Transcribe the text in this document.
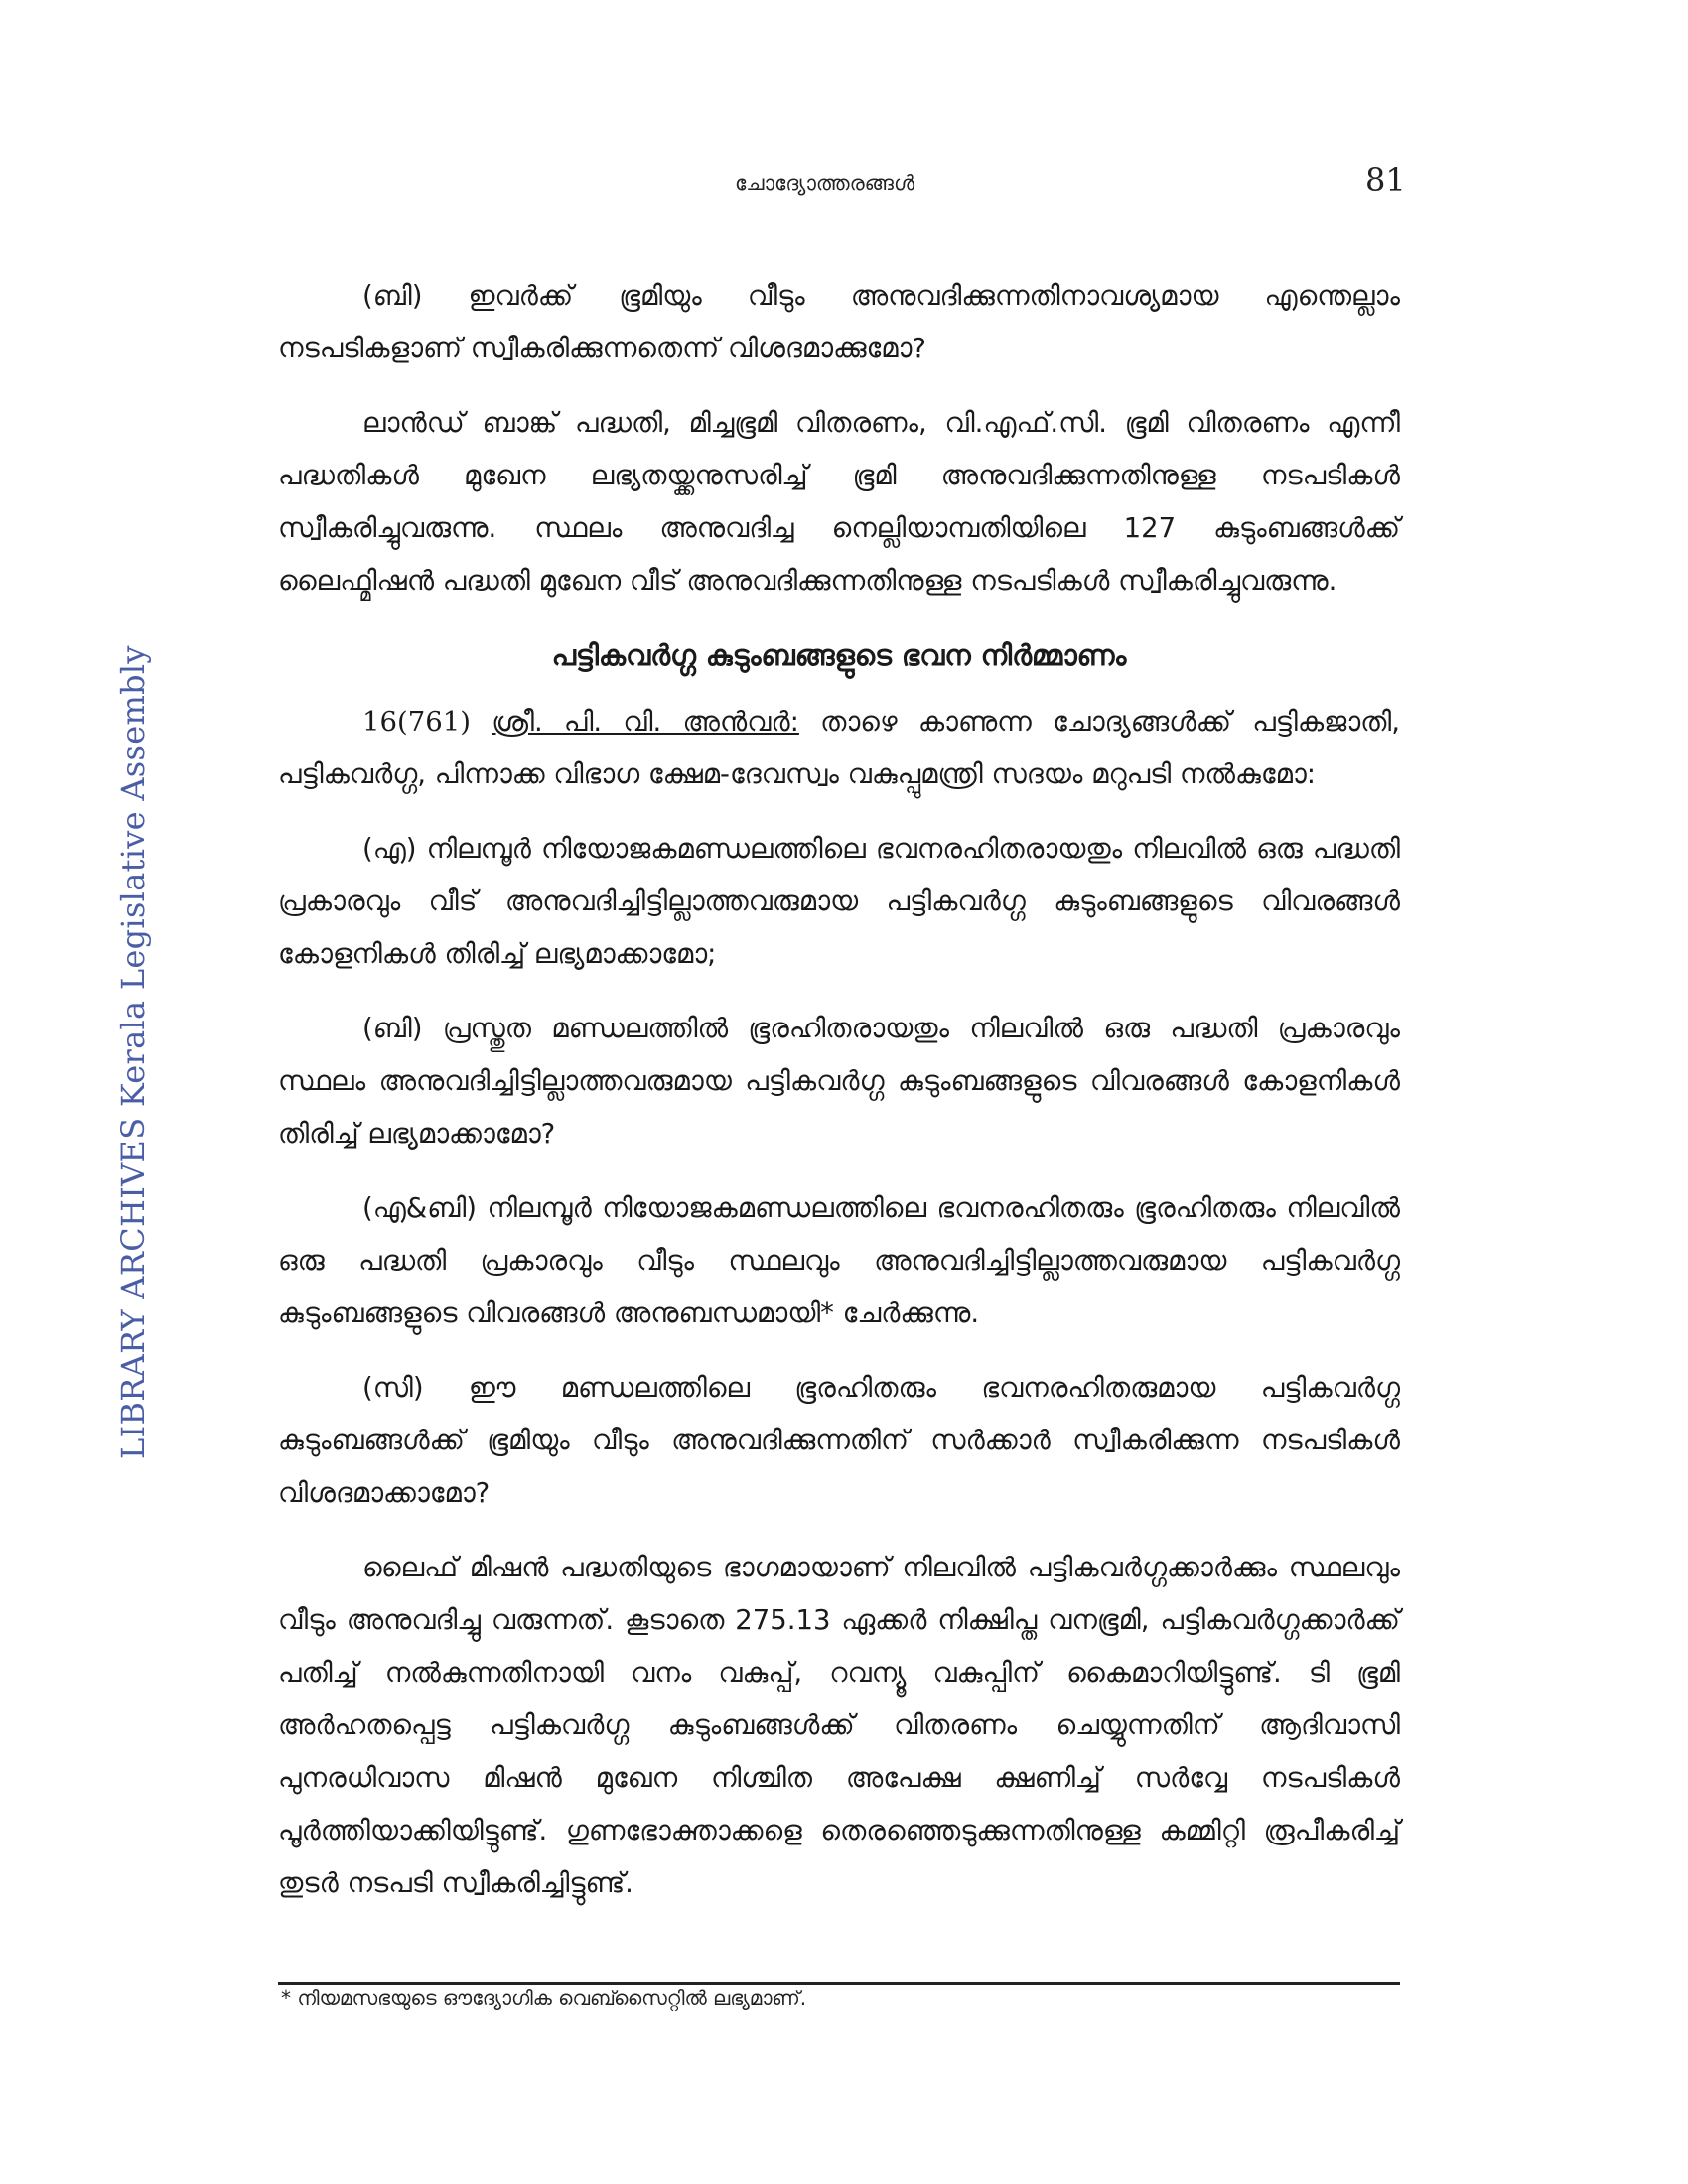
LIBRARY ARCHIVES Kerala Legislative Assembly
ചോദ്യോത്തരങ്ങൾ	81

(ബി) ഇവർക്ക് ഭൂമിയും വീടും അനുവദിക്കുന്നതിനാവശ്യമായ എന്തെല്ലാം നടപടികളാണ് സ്വീകരിക്കുന്നതെന്ന് വിശദമാക്കുമോ?

ലാൻഡ് ബാങ്ക് പദ്ധതി, മിച്ചഭൂമി വിതരണം, വി.എഫ്.സി. ഭൂമി വിതരണം എന്നീ പദ്ധതികൾ മുഖേന ലഭ്യതയ്ക്കനുസരിച്ച് ഭൂമി അനുവദിക്കുന്നതിനുള്ള നടപടികൾ സ്വീകരിച്ചുവരുന്നു. സ്ഥലം അനുവദിച്ച നെല്ലിയാമ്പതിയിലെ 127 കുടുംബങ്ങൾക്ക് ലൈഫ്മിഷൻ പദ്ധതി മുഖേന വീട് അനുവദിക്കുന്നതിനുള്ള നടപടികൾ സ്വീകരിച്ചുവരുന്നു.

പട്ടികവർഗ്ഗ കുടുംബങ്ങളുടെ ഭവന നിർമ്മാണം

16(761) ശ്രീ. പി. വി. അൻവർ: താഴെ കാണുന്ന ചോദ്യങ്ങൾക്ക് പട്ടികജാതി, പട്ടികവർഗ്ഗ, പിന്നാക്ക വിഭാഗ ക്ഷേമ-ദേവസ്വം വകുപ്പുമന്ത്രി സദയം മറുപടി നൽകുമോ:

(എ) നിലമ്പൂർ നിയോജകമണ്ഡലത്തിലെ ഭവനരഹിതരായതും നിലവിൽ ഒരു പദ്ധതി പ്രകാരവും വീട് അനുവദിച്ചിട്ടില്ലാത്തവരുമായ പട്ടികവർഗ്ഗ കുടുംബങ്ങളുടെ വിവരങ്ങൾ കോളനികൾ തിരിച്ച് ലഭ്യമാക്കാമോ;

(ബി) പ്രസ്തുത മണ്ഡലത്തിൽ ഭൂരഹിതരായതും നിലവിൽ ഒരു പദ്ധതി പ്രകാരവും സ്ഥലം അനുവദിച്ചിട്ടില്ലാത്തവരുമായ പട്ടികവർഗ്ഗ കുടുംബങ്ങളുടെ വിവരങ്ങൾ കോളനികൾ തിരിച്ച് ലഭ്യമാക്കാമോ?

(എ&ബി) നിലമ്പൂർ നിയോജകമണ്ഡലത്തിലെ ഭവനരഹിതരും ഭൂരഹിതരും നിലവിൽ ഒരു പദ്ധതി പ്രകാരവും വീടും സ്ഥലവും അനുവദിച്ചിട്ടില്ലാത്തവരുമായ പട്ടികവർഗ്ഗ കുടുംബങ്ങളുടെ വിവരങ്ങൾ അനുബന്ധമായി* ചേർക്കുന്നു.

(സി) ഈ മണ്ഡലത്തിലെ ഭൂരഹിതരും ഭവനരഹിതരുമായ പട്ടികവർഗ്ഗ കുടുംബങ്ങൾക്ക് ഭൂമിയും വീടും അനുവദിക്കുന്നതിന് സർക്കാർ സ്വീകരിക്കുന്ന നടപടികൾ വിശദമാക്കാമോ?

ലൈഫ് മിഷൻ പദ്ധതിയുടെ ഭാഗമായാണ് നിലവിൽ പട്ടികവർഗ്ഗക്കാർക്കും സ്ഥലവും വീടും അനുവദിച്ചു വരുന്നത്. കൂടാതെ 275.13 ഏക്കർ നിക്ഷിപ്ത വനഭൂമി, പട്ടികവർഗ്ഗക്കാർക്ക് പതിച്ച് നൽകുന്നതിനായി വനം വകുപ്പ്, റവന്യൂ വകുപ്പിന് കൈമാറിയിട്ടുണ്ട്. ടി ഭൂമി അർഹതപ്പെട്ട പട്ടികവർഗ്ഗ കുടുംബങ്ങൾക്ക് വിതരണം ചെയ്യുന്നതിന് ആദിവാസി പുനരധിവാസ മിഷൻ മുഖേന നിശ്ചിത അപേക്ഷ ക്ഷണിച്ച് സർവ്വേ നടപടികൾ പൂർത്തിയാക്കിയിട്ടുണ്ട്. ഗുണഭോക്താക്കളെ തെരഞ്ഞെടുക്കുന്നതിനുള്ള കമ്മിറ്റി രൂപീകരിച്ച് തുടർ നടപടി സ്വീകരിച്ചിട്ടുണ്ട്.

* നിയമസഭയുടെ ഔദ്യോഗിക വെബ്സൈറ്റിൽ ലഭ്യമാണ്.
